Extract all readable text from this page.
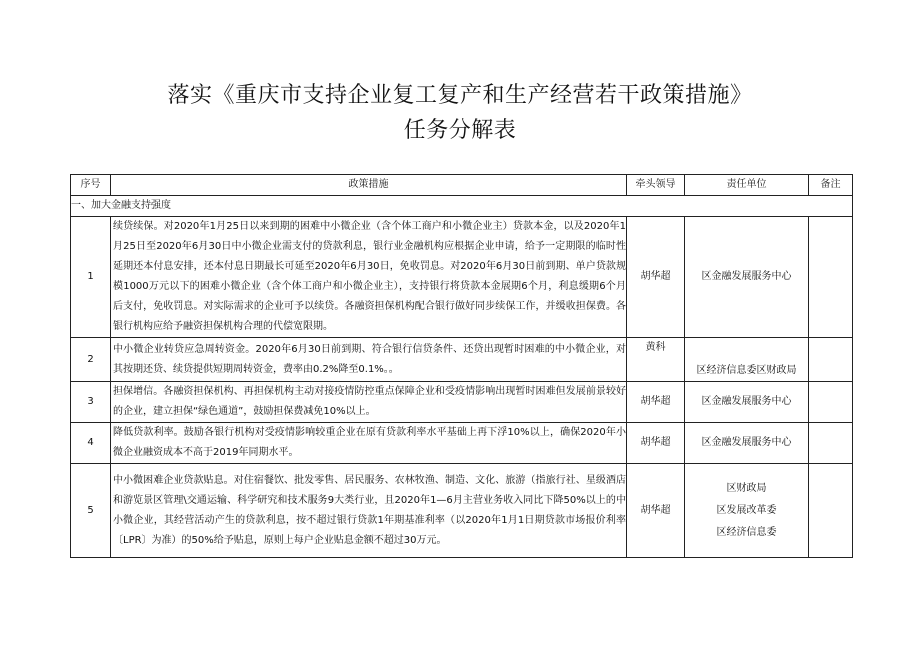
落实《重庆市支持企业复工复产和生产经营若干政策措施》
任务分解表
序号	政策措施	牵头领导	责任单位	备注
一、加大金融支持强度				
1	续贷续保。对2020年1月25日以来到期的困难中小微企业（含个体工商户和小微企业主）贷款本金，以及2020年1月25日至2020年6月30日中小微企业需支付的贷款利息，银行业金融机构应根据企业申请，给予一定期限的临时性延期还本付息安排，还本付息日期最长可延至2020年6月30日，免收罚息。对2020年6月30日前到期、单户贷款规模1000万元以下的困难小微企业（含个体工商户和小微企业主），支持银行将贷款本金展期6个月，利息缓期6个月后支付，免收罚息。对实际需求的企业可予以续贷。各融资担保机构配合银行做好同步续保工作，并缓收担保费。各银行机构应给予融资担保机构合理的代偿宽限期。	胡华超	区金融发展服务中心	
2	中小微企业转贷应急周转资金。2020年6月30日前到期、符合银行信贷条件、还贷出现暂时困难的中小微企业，对其按期还贷、续贷提供短期周转资金，费率由0.2%降至0.1%。。	黄科	区经济信息委区财政局	
3	担保增信。各融资担保机构、再担保机构主动对接疫情防控重点保障企业和受疫情影响出现暂时困难但发展前景较好的企业，建立担保“绿色通道”，鼓励担保费减免10%以上。	胡华超	区金融发展服务中心	
4	降低贷款利率。鼓励各银行机构对受疫情影响较重企业在原有贷款利率水平基础上再下浮10%以上，确保2020年小微企业融资成本不高于2019年同期水平。	胡华超	区金融发展服务中心	
5	中小微困难企业贷款贴息。对住宿餐饮、批发零售、居民服务、农林牧渔、制造、文化、旅游（指旅行社、星级酒店和游览景区管理\交通运输、科学研究和技术服务9大类行业，且2020年1—6月主营业务收入同比下降50%以上的中小微企业，其经营活动产生的贷款利息，按不超过银行贷款1年期基准利率（以2020年1月1日期贷款市场报价利率〔LPR〕为准）的50%给予贴息，原则上每户企业贴息金额不超过30万元。	胡华超	区财政局
区发展改革委
区经济信息委	
